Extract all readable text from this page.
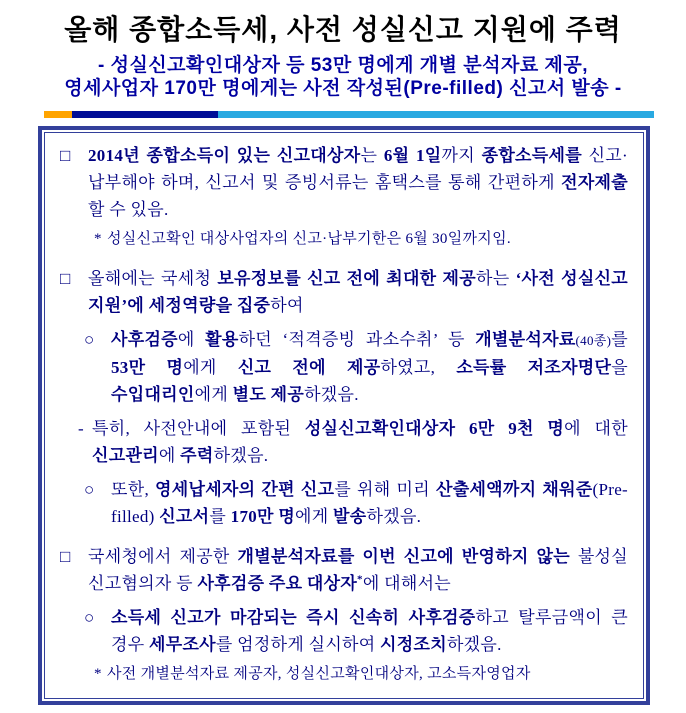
올해 종합소득세, 사전 성실신고 지원에 주력
- 성실신고확인대상자 등 53만 명에게 개별 분석자료 제공,
영세사업자 170만 명에게는 사전 작성된(Pre-filled) 신고서 발송 -
□ 2014년 종합소득이 있는 신고대상자는 6월 1일까지 종합소득세를 신고·납부해야 하며, 신고서 및 증빙서류는 홈택스를 통해 간편하게 전자제출 할 수 있음.
* 성실신고확인 대상사업자의 신고·납부기한은 6월 30일까지임.
□ 올해에는 국세청 보유정보를 신고 전에 최대한 제공하는 ‘사전 성실신고 지원’에 세정역량을 집중하여
○ 사후검증에 활용하던 ‘적격증빙 과소수취’ 등 개별분석자료(40종)를 53만 명에게 신고 전에 제공하였고, 소득률 저조자명단을 수입대리인에게 별도 제공하겠음.
- 특히, 사전안내에 포함된 성실신고확인대상자 6만 9천 명에 대한 신고관리에 주력하겠음.
○ 또한, 영세납세자의 간편 신고를 위해 미리 산출세액까지 채워준(Pre-filled) 신고서를 170만 명에게 발송하겠음.
□ 국세청에서 제공한 개별분석자료를 이번 신고에 반영하지 않는 불성실 신고혐의자 등 사후검증 주요 대상자*에 대해서는
○ 소득세 신고가 마감되는 즉시 신속히 사후검증하고 탈루금액이 큰 경우 세무조사를 엄정하게 실시하여 시정조치하겠음.
* 사전 개별분석자료 제공자, 성실신고확인대상자, 고소득자영업자
